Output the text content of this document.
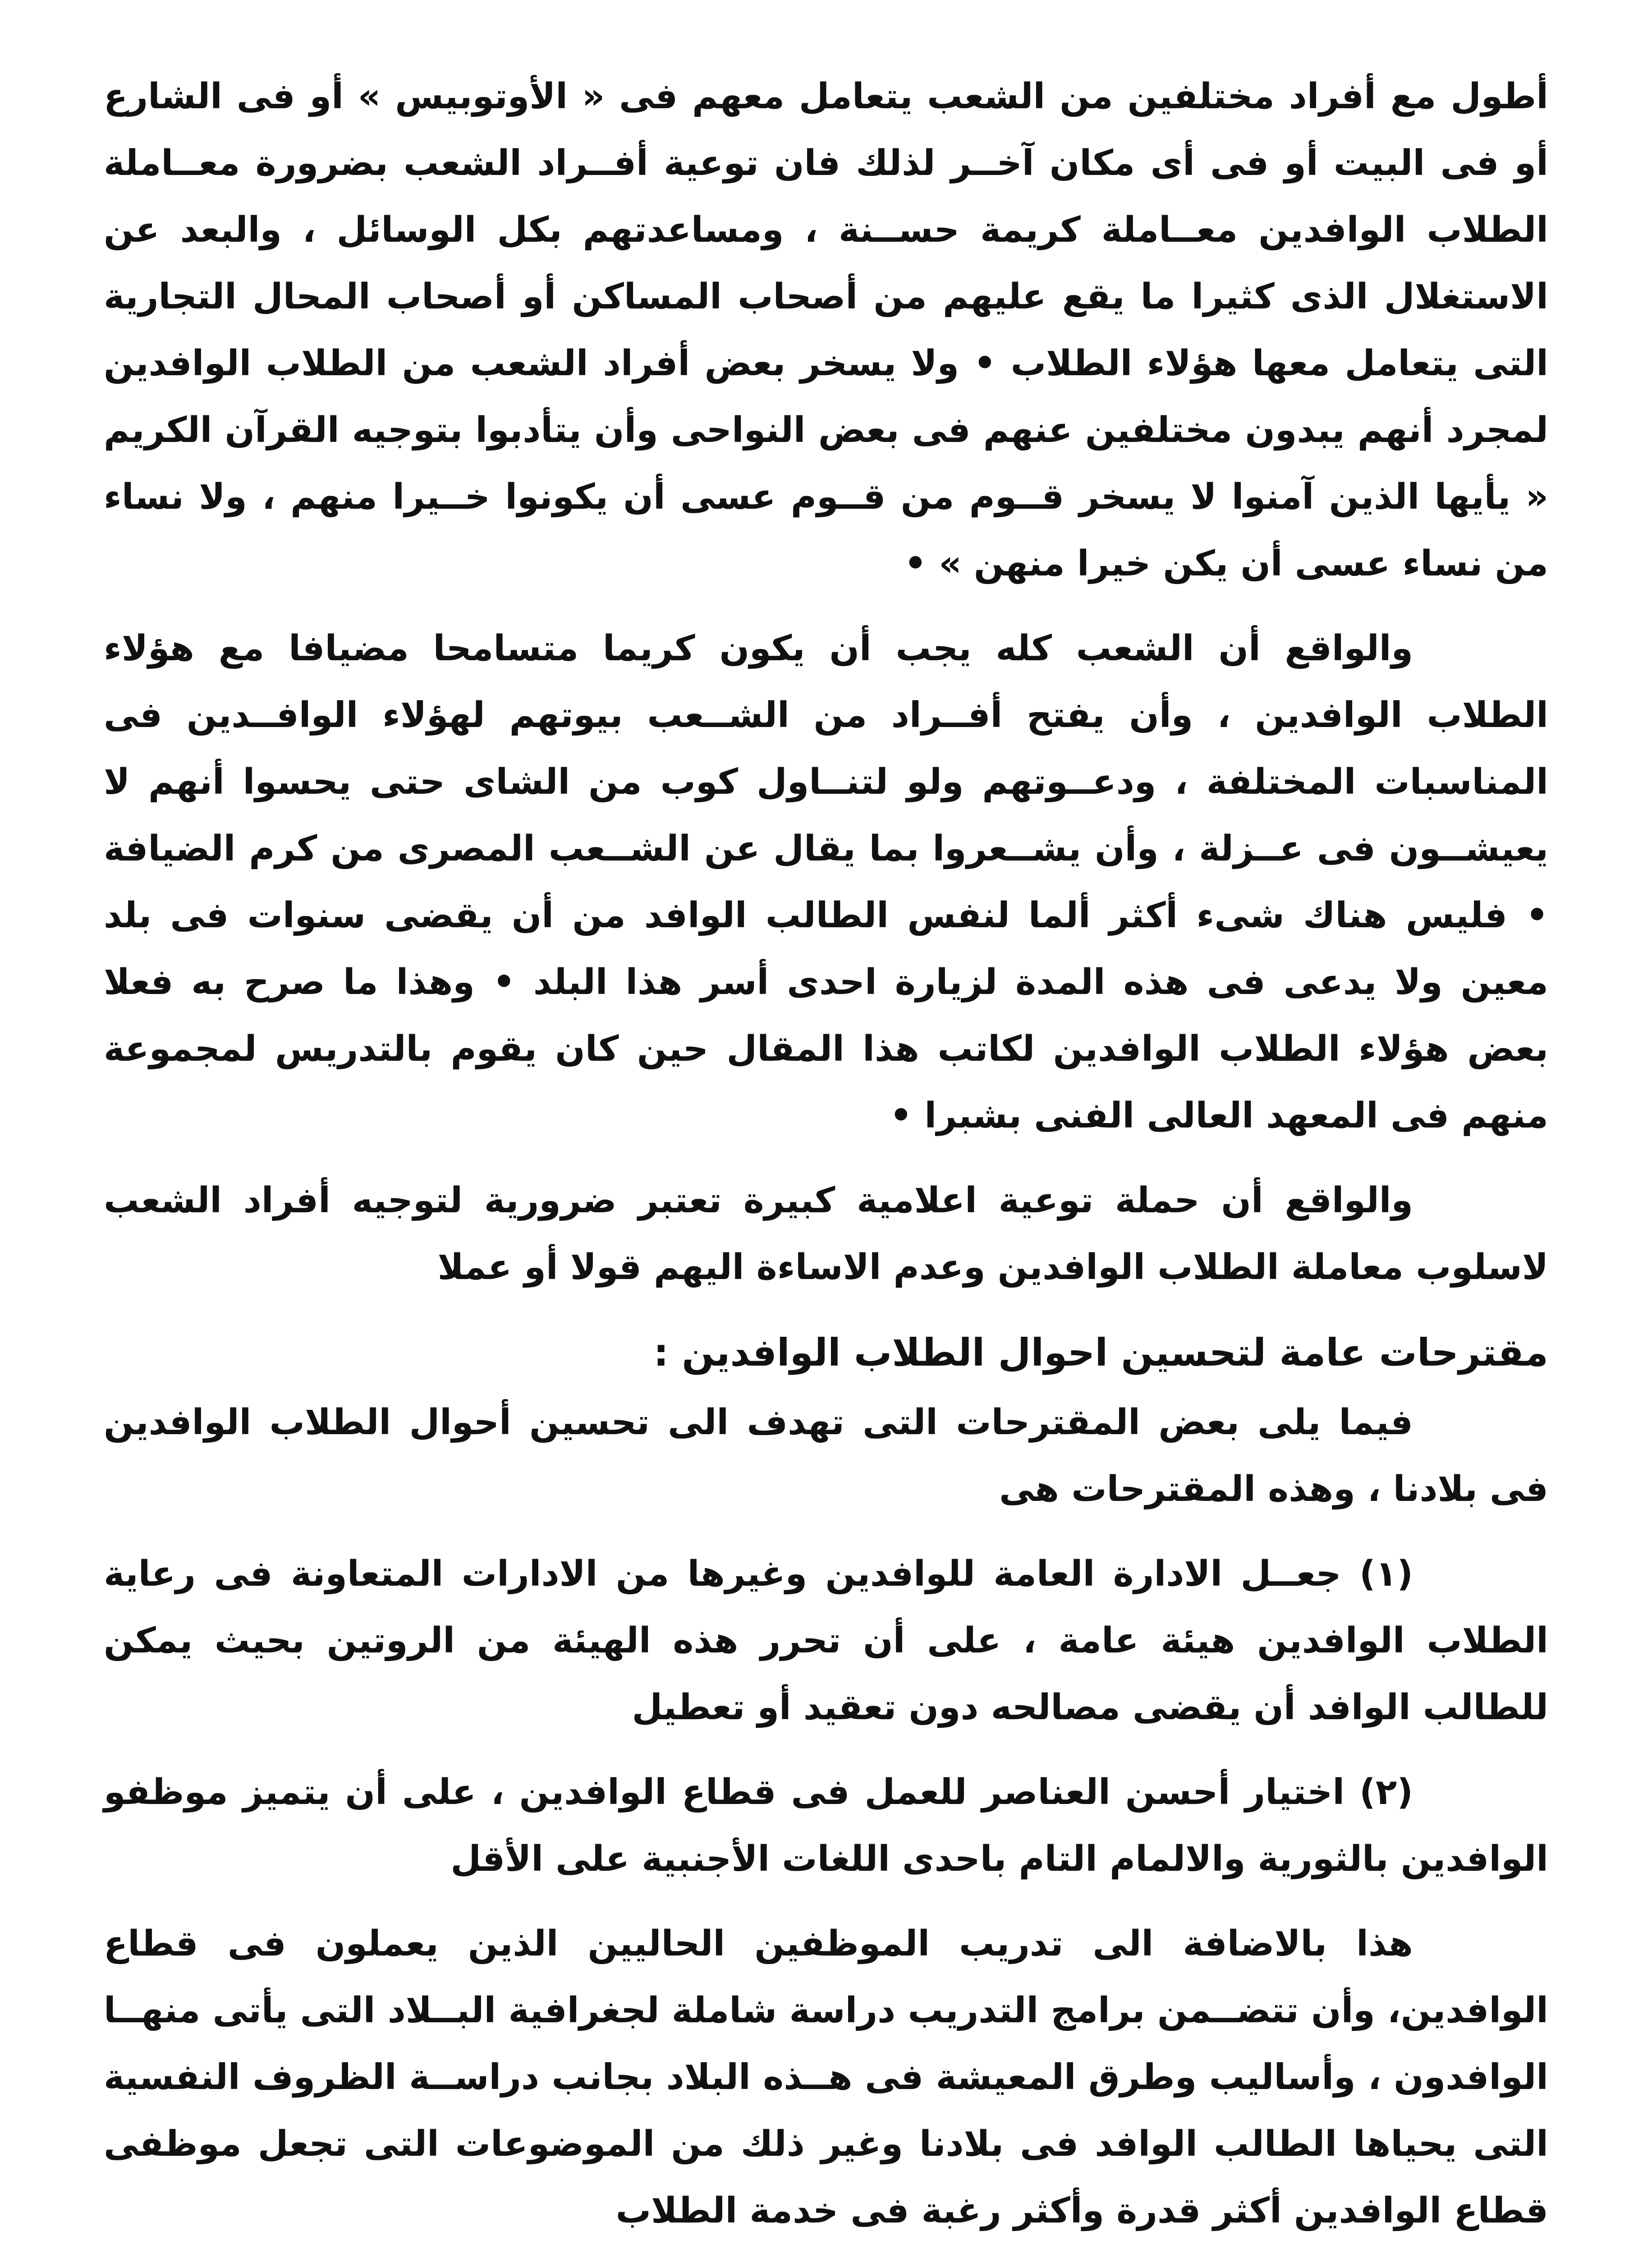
أطول مع أفراد مختلفين من الشعب يتعامل معهم فى « الأوتوبيس » أو فى الشارع أو فى البيت أو فى أى مكان آخــر لذلك فان توعية أفــراد الشعب بضرورة معــاملة الطلاب الوافدين معــاملة كريمة حســنة ، ومساعدتهم بكل الوسائل ، والبعد عن الاستغلال الذى كثيرا ما يقع عليهم من أصحاب المساكن أو أصحاب المحال التجارية التى يتعامل معها هؤلاء الطلاب • ولا يسخر بعض أفراد الشعب من الطلاب الوافدين لمجرد أنهم يبدون مختلفين عنهم فى بعض النواحى وأن يتأدبوا بتوجيه القرآن الكريم « يأيها الذين آمنوا لا يسخر قــوم من قــوم عسى أن يكونوا خــيرا منهم ، ولا نساء من نساء عسى أن يكن خيرا منهن » •

والواقع أن الشعب كله يجب أن يكون كريما متسامحا مضيافا مع هؤلاء الطلاب الوافدين ، وأن يفتح أفــراد من الشــعب بيوتهم لهؤلاء الوافــدين فى المناسبات المختلفة ، ودعــوتهم ولو لتنــاول كوب من الشاى حتى يحسوا أنهم لا يعيشــون فى عــزلة ، وأن يشــعروا بما يقال عن الشــعب المصرى من كرم الضيافة • فليس هناك شىء أكثر ألما لنفس الطالب الوافد من أن يقضى سنوات فى بلد معين ولا يدعى فى هذه المدة لزيارة احدى أسر هذا البلد • وهذا ما صرح به فعلا بعض هؤلاء الطلاب الوافدين لكاتب هذا المقال حين كان يقوم بالتدريس لمجموعة منهم فى المعهد العالى الفنى بشبرا •

والواقع أن حملة توعية اعلامية كبيرة تعتبر ضرورية لتوجيه أفراد الشعب لاسلوب معاملة الطلاب الوافدين وعدم الاساءة اليهم قولا أو عملا

مقترحات عامة لتحسين احوال الطلاب الوافدين :

فيما يلى بعض المقترحات التى تهدف الى تحسين أحوال الطلاب الوافدين فى بلادنا ، وهذه المقترحات هى

(١) جعــل الادارة العامة للوافدين وغيرها من الادارات المتعاونة فى رعاية الطلاب الوافدين هيئة عامة ، على أن تحرر هذه الهيئة من الروتين بحيث يمكن للطالب الوافد أن يقضى مصالحه دون تعقيد أو تعطيل

(٢) اختيار أحسن العناصر للعمل فى قطاع الوافدين ، على أن يتميز موظفو الوافدين بالثورية والالمام التام باحدى اللغات الأجنبية على الأقل

هذا بالاضافة الى تدريب الموظفين الحاليين الذين يعملون فى قطاع الوافدين، وأن تتضــمن برامج التدريب دراسة شاملة لجغرافية البــلاد التى يأتى منهــا الوافدون ، وأساليب وطرق المعيشة فى هــذه البلاد بجانب دراســة الظروف النفسية التى يحياها الطالب الوافد فى بلادنا وغير ذلك من الموضوعات التى تجعل موظفى قطاع الوافدين أكثر قدرة وأكثر رغبة فى خدمة الطلاب
